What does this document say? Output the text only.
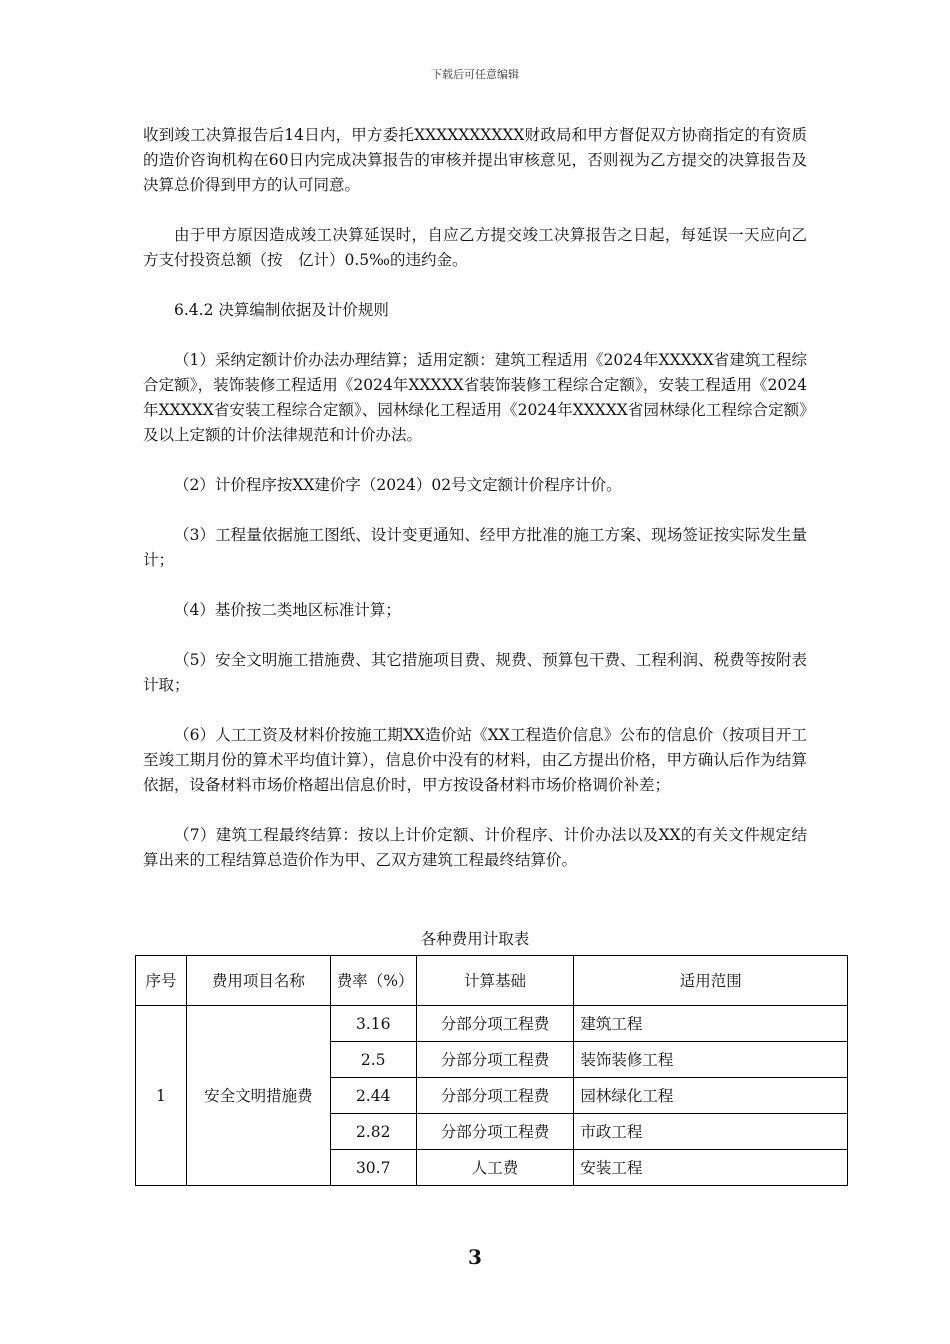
下载后可任意编辑

收到竣工决算报告后14日内，甲方委托XXXXXXXXXX财政局和甲方督促双方协商指定的有资质的造价咨询机构在60日内完成决算报告的审核并提出审核意见，否则视为乙方提交的决算报告及决算总价得到甲方的认可同意。

由于甲方原因造成竣工决算延误时，自应乙方提交竣工决算报告之日起，每延误一天应向乙方支付投资总额（按　亿计）0.5‰的违约金。

6.4.2 决算编制依据及计价规则

（1）采纳定额计价办法办理结算；适用定额：建筑工程适用《2024年XXXXX省建筑工程综合定额》，装饰装修工程适用《2024年XXXXX省装饰装修工程综合定额》，安装工程适用《2024年XXXXX省安装工程综合定额》、园林绿化工程适用《2024年XXXXX省园林绿化工程综合定额》及以上定额的计价法律规范和计价办法。

（2）计价程序按XX建价字（2024）02号文定额计价程序计价。

（3）工程量依据施工图纸、设计变更通知、经甲方批准的施工方案、现场签证按实际发生量计；

（4）基价按二类地区标准计算；

（5）安全文明施工措施费、其它措施项目费、规费、预算包干费、工程利润、税费等按附表计取；

（6）人工工资及材料价按施工期XX造价站《XX工程造价信息》公布的信息价（按项目开工至竣工期月份的算术平均值计算），信息价中没有的材料，由乙方提出价格，甲方确认后作为结算依据，设备材料市场价格超出信息价时，甲方按设备材料市场价格调价补差；

（7）建筑工程最终结算：按以上计价定额、计价程序、计价办法以及XX的有关文件规定结算出来的工程结算总造价作为甲、乙双方建筑工程最终结算价。

各种费用计取表
序号	费用项目名称	费率（%）	计算基础	适用范围
1	安全文明措施费	3.16	分部分项工程费	建筑工程
		2.5	分部分项工程费	装饰装修工程
		2.44	分部分项工程费	园林绿化工程
		2.82	分部分项工程费	市政工程
		30.7	人工费	安装工程
3
